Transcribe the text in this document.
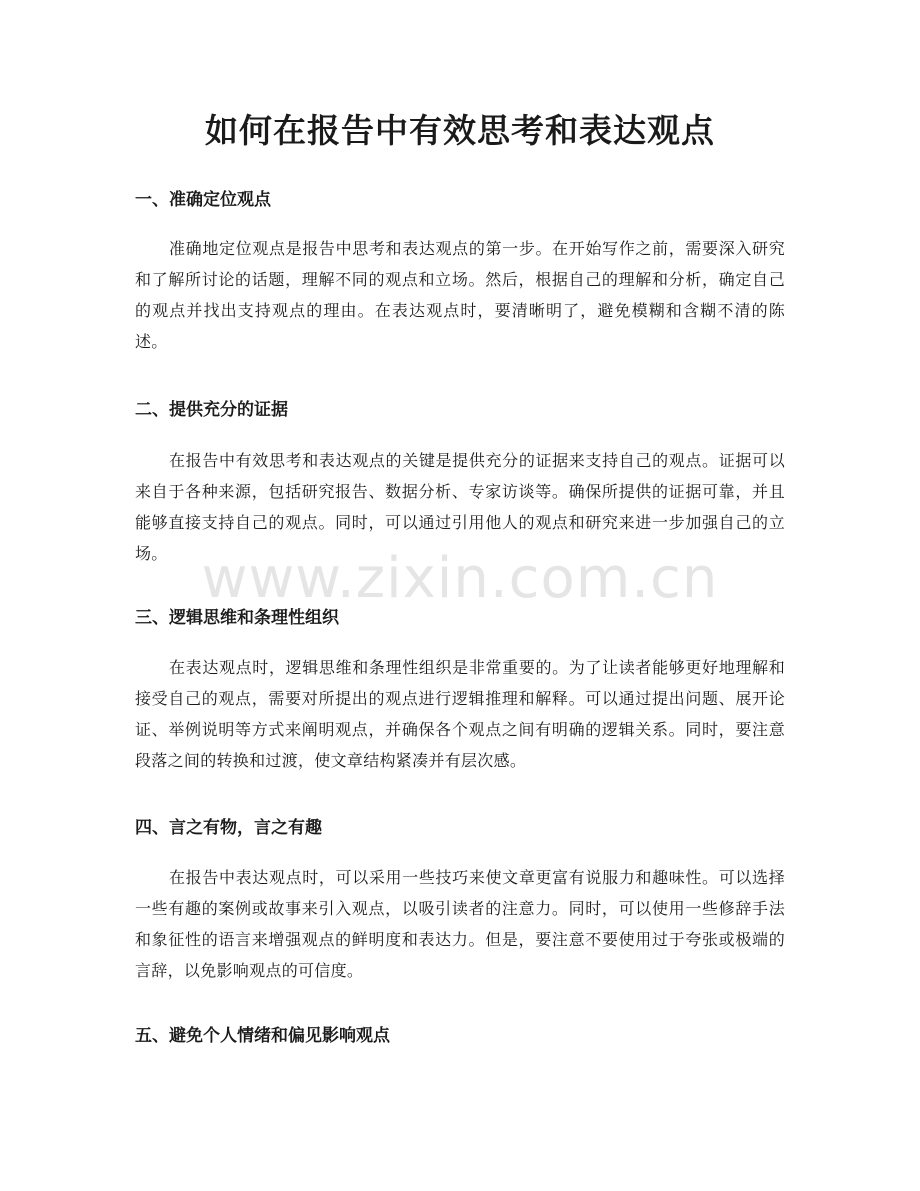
如何在报告中有效思考和表达观点
一、准确定位观点

准确地定位观点是报告中思考和表达观点的第一步。在开始写作之前，需要深入研究和了解所讨论的话题，理解不同的观点和立场。然后，根据自己的理解和分析，确定自己的观点并找出支持观点的理由。在表达观点时，要清晰明了，避免模糊和含糊不清的陈述。

二、提供充分的证据

在报告中有效思考和表达观点的关键是提供充分的证据来支持自己的观点。证据可以来自于各种来源，包括研究报告、数据分析、专家访谈等。确保所提供的证据可靠，并且能够直接支持自己的观点。同时，可以通过引用他人的观点和研究来进一步加强自己的立场。

三、逻辑思维和条理性组织

在表达观点时，逻辑思维和条理性组织是非常重要的。为了让读者能够更好地理解和接受自己的观点，需要对所提出的观点进行逻辑推理和解释。可以通过提出问题、展开论证、举例说明等方式来阐明观点，并确保各个观点之间有明确的逻辑关系。同时，要注意段落之间的转换和过渡，使文章结构紧凑并有层次感。

四、言之有物，言之有趣

在报告中表达观点时，可以采用一些技巧来使文章更富有说服力和趣味性。可以选择一些有趣的案例或故事来引入观点，以吸引读者的注意力。同时，可以使用一些修辞手法和象征性的语言来增强观点的鲜明度和表达力。但是，要注意不要使用过于夸张或极端的言辞，以免影响观点的可信度。

五、避免个人情绪和偏见影响观点
www.zixin.com.cn
